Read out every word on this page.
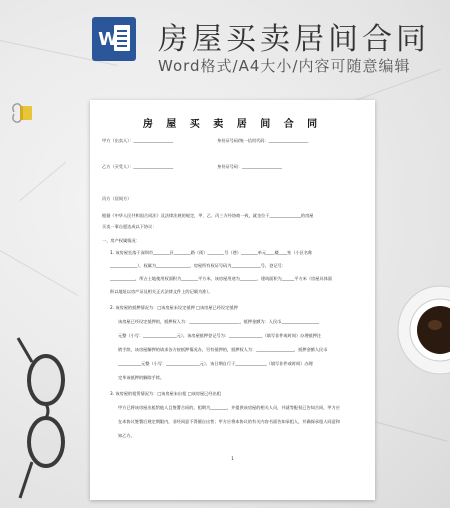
W 房屋买卖居间合同
Word格式/A4大小/内容可随意编辑
房 屋 买 卖 居 间 合 同
甲方（出卖人）：___________________	身份证号码/统一信用代码：___________________
乙方（买受人）：___________________	身份证号码：___________________
丙方（居间方）
根据《中华人民共和国合同法》及法律法规的规定，甲、乙、丙三方经协商一致，就坐位于_______________的房屋
买卖一事自愿达成以下协议：
一、房产权属情况：
1. 该房屋坐落于深圳市________区________路（街）________号（巷）________单元____楼____室（小区名称
_____________），权属为________________，房屋所有权证号码为______________号，登记号：
____________，所占土地使用权面积为________平方米，该房屋用途为________，建筑面积为______平方米（房屋具体面
积以地址以房产证及相关正式法律文件上的记载为准）。
2. 该房屋的抵押情况为：□该房屋未设定抵押 □该房屋已经设定抵押
该房屋已经设定抵押的，抵押权人为：________________________，抵押金额为：人民币__________________
元整（小写：________________元）。该房屋抵押登记号为：________________（填写非件或时间）办理抵押注
销手续，该房屋解押的请求各方按抵押情况办，另有抵押的，抵押权人为：__________________，抵押金额人民币
___________元整（小写：________________元），该日期自行于_______________（填写非件或时间）办理
完毕该抵押的解除手续。
3. 该房屋的租赁情况为：□该房屋未出租 □该房屋已经出租
甲方已将该房屋出租给他人且签署合同的，租期为________，并提供该房屋的相关人员，并就等配权已告知合同，甲方应
在本协议签署后规定期限内，非经同意不得擅自出售；甲方应将本协议的有关内容书面告知承租人，并确保承租人同意和
知乙方。
1
